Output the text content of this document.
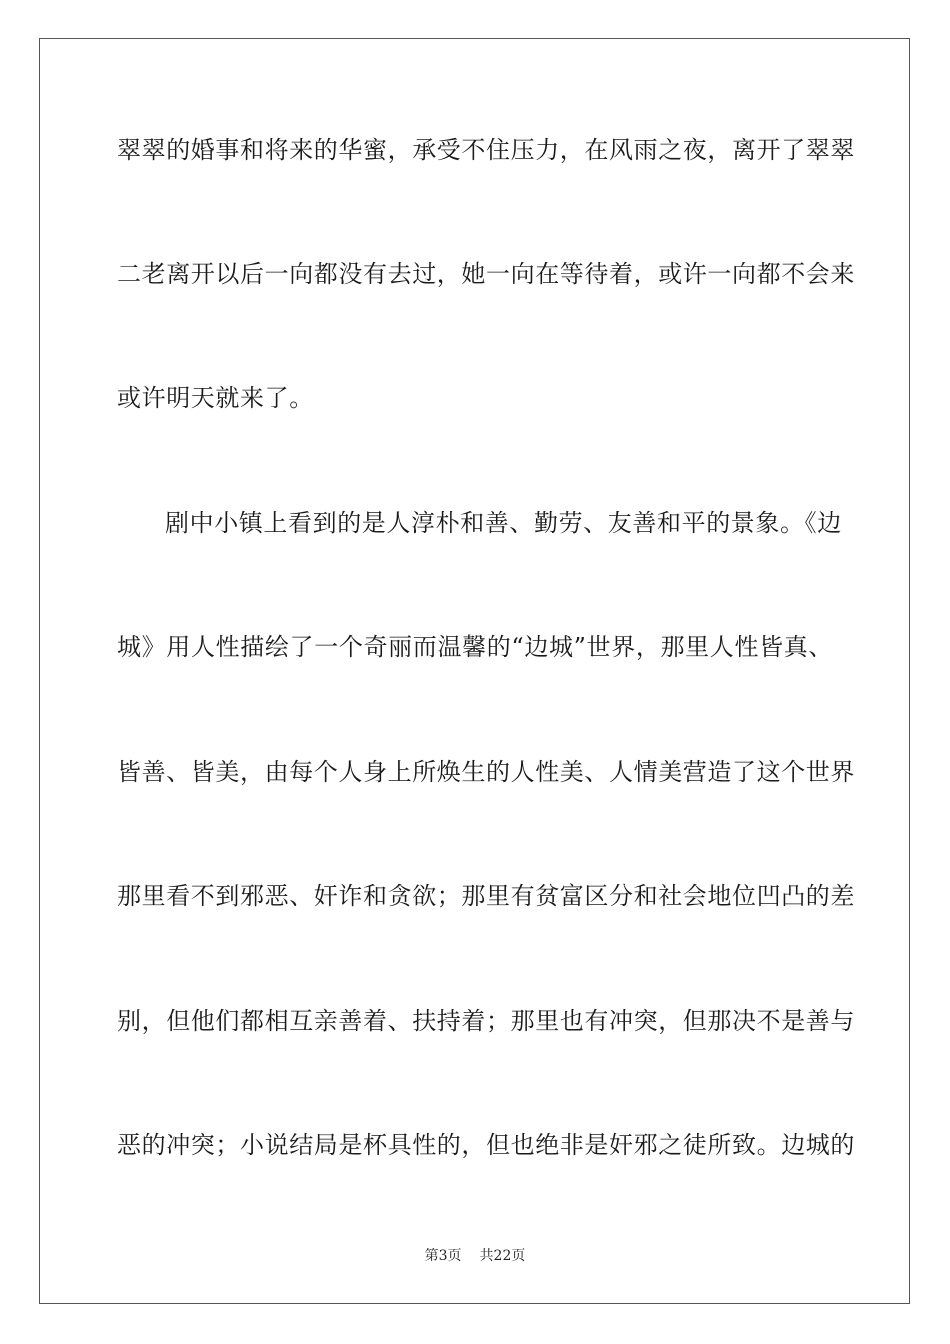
翠翠的婚事和将来的华蜜，承受不住压力，在风雨之夜，离开了翠翠
二老离开以后一向都没有去过，她一向在等待着，或许一向都不会来
或许明天就来了。
剧中小镇上看到的是人淳朴和善、勤劳、友善和平的景象。《边
城》用人性描绘了一个奇丽而温馨的“边城”世界，那里人性皆真、
皆善、皆美，由每个人身上所焕生的人性美、人情美营造了这个世界
那里看不到邪恶、奸诈和贪欲；那里有贫富区分和社会地位凹凸的差
别，但他们都相互亲善着、扶持着；那里也有冲突，但那决不是善与
恶的冲突；小说结局是杯具性的，但也绝非是奸邪之徒所致。边城的
第3页 共22页
